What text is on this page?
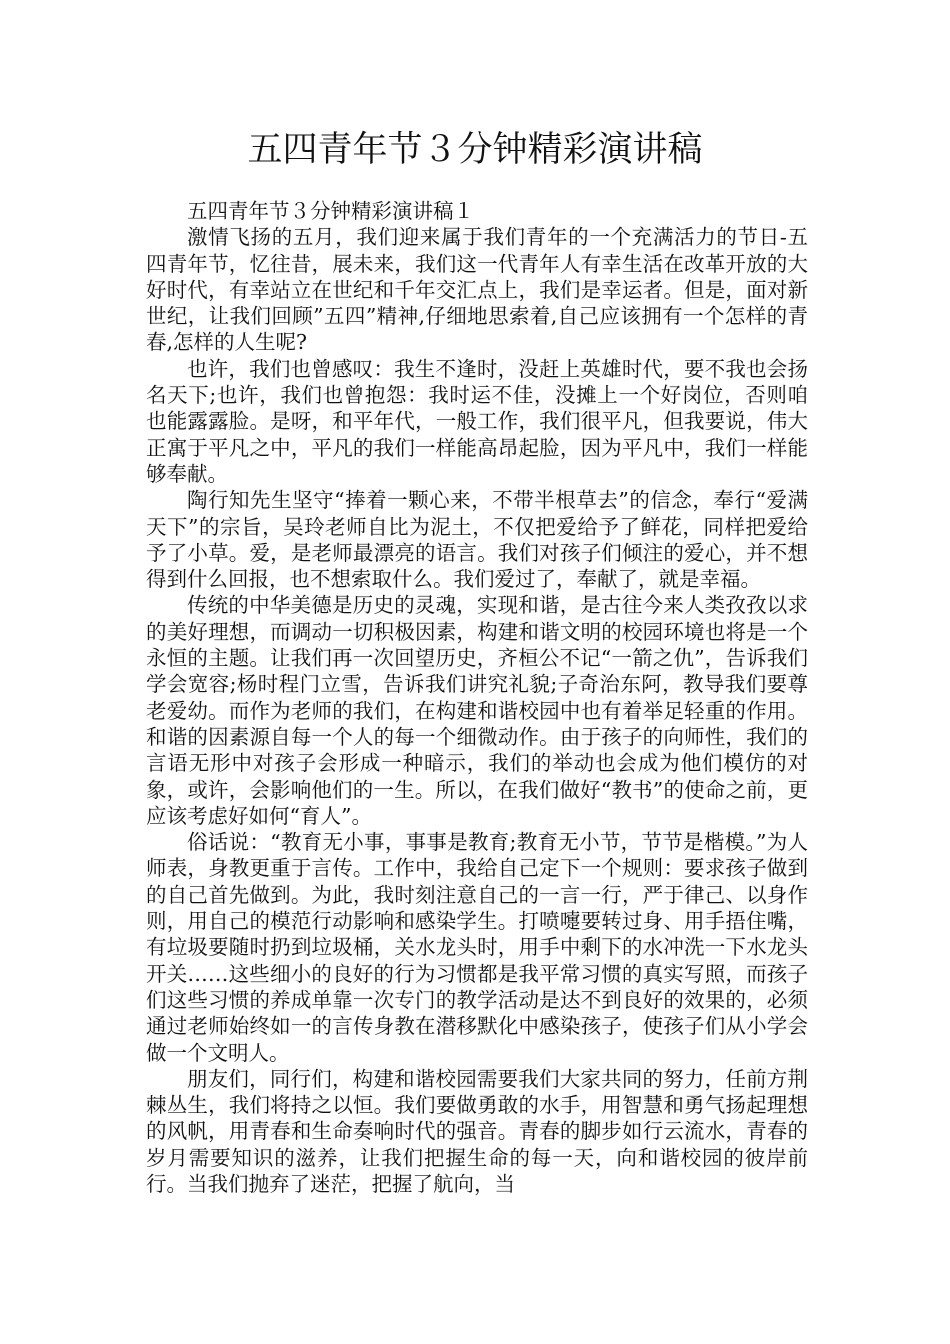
五四青年节３分钟精彩演讲稿

五四青年节３分钟精彩演讲稿１

激情飞扬的五月，我们迎来属于我们青年的一个充满活力的节日-五四青年节，忆往昔，展未来，我们这一代青年人有幸生活在改革开放的大好时代，有幸站立在世纪和千年交汇点上，我们是幸运者。但是，面对新世纪，让我们回顾”五四”精神,仔细地思索着,自己应该拥有一个怎样的青春,怎样的人生呢?

也许，我们也曾感叹：我生不逢时，没赶上英雄时代，要不我也会扬名天下;也许，我们也曾抱怨：我时运不佳，没摊上一个好岗位，否则咱也能露露脸。是呀，和平年代，一般工作，我们很平凡，但我要说，伟大正寓于平凡之中，平凡的我们一样能高昂起脸，因为平凡中，我们一样能够奉献。

陶行知先生坚守“捧着一颗心来，不带半根草去”的信念，奉行“爱满天下”的宗旨，吴玲老师自比为泥土，不仅把爱给予了鲜花，同样把爱给予了小草。爱，是老师最漂亮的语言。我们对孩子们倾注的爱心，并不想得到什么回报，也不想索取什么。我们爱过了，奉献了，就是幸福。

传统的中华美德是历史的灵魂，实现和谐，是古往今来人类孜孜以求的美好理想，而调动一切积极因素，构建和谐文明的校园环境也将是一个永恒的主题。让我们再一次回望历史，齐桓公不记“一箭之仇”，告诉我们学会宽容;杨时程门立雪，告诉我们讲究礼貌;子奇治东阿，教导我们要尊老爱幼。而作为老师的我们，在构建和谐校园中也有着举足轻重的作用。和谐的因素源自每一个人的每一个细微动作。由于孩子的向师性，我们的言语无形中对孩子会形成一种暗示，我们的举动也会成为他们模仿的对象，或许，会影响他们的一生。所以，在我们做好“教书”的使命之前，更应该考虑好如何“育人”。

俗话说：“教育无小事，事事是教育;教育无小节，节节是楷模。”为人师表，身教更重于言传。工作中，我给自己定下一个规则：要求孩子做到的自己首先做到。为此，我时刻注意自己的一言一行，严于律己、以身作则，用自己的模范行动影响和感染学生。打喷嚏要转过身、用手捂住嘴，有垃圾要随时扔到垃圾桶，关水龙头时，用手中剩下的水冲洗一下水龙头开关……这些细小的良好的行为习惯都是我平常习惯的真实写照，而孩子们这些习惯的养成单靠一次专门的教学活动是达不到良好的效果的，必须通过老师始终如一的言传身教在潜移默化中感染孩子，使孩子们从小学会做一个文明人。

朋友们，同行们，构建和谐校园需要我们大家共同的努力，任前方荆棘丛生，我们将持之以恒。我们要做勇敢的水手，用智慧和勇气扬起理想的风帆，用青春和生命奏响时代的强音。青春的脚步如行云流水，青春的岁月需要知识的滋养，让我们把握生命的每一天，向和谐校园的彼岸前行。当我们抛弃了迷茫，把握了航向，当
